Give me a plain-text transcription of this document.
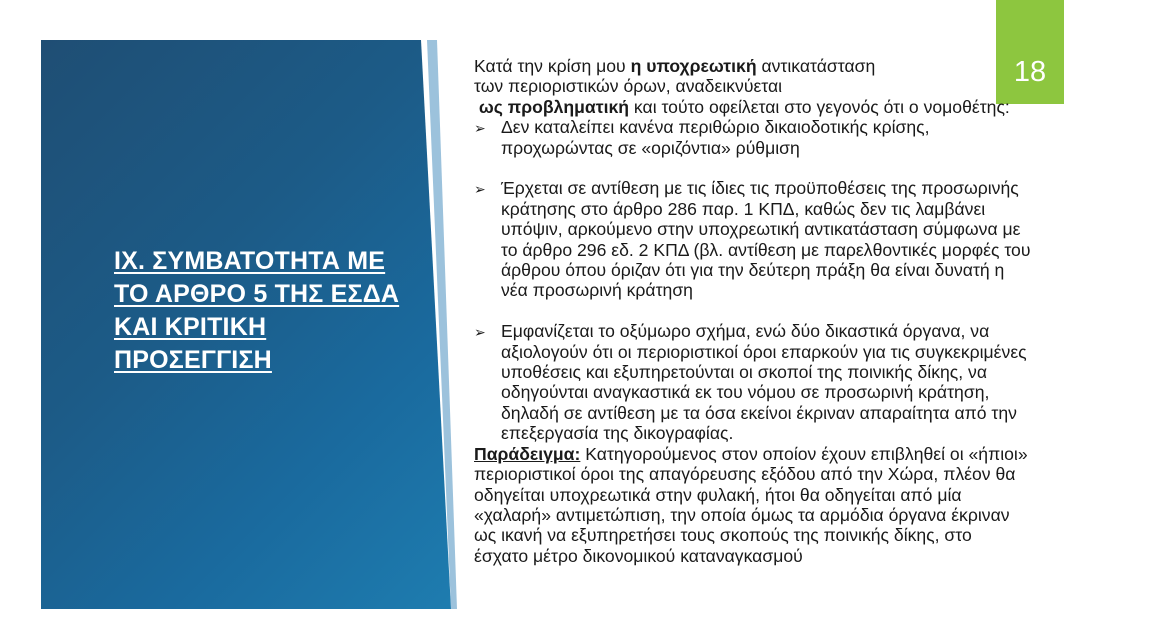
IX. ΣΥΜΒΑΤΟΤΗΤΑ ΜΕ ΤΟ ΑΡΘΡΟ 5 ΤΗΣ ΕΣΔΑ ΚΑΙ ΚΡΙΤΙΚΗ ΠΡΟΣΕΓΓΙΣΗ
18

Κατά την κρίση μου η υποχρεωτική αντικατάσταση

των περιοριστικών όρων, αναδεικνύεται

ως προβληματική και τούτο οφείλεται στο γεγονός ότι ο νομοθέτης:

➢ Δεν καταλείπει κανένα περιθώριο δικαιοδοτικής κρίσης,

προχωρώντας σε «οριζόντια» ρύθμιση

➢ Έρχεται σε αντίθεση με τις ίδιες τις προϋποθέσεις της προσωρινής

κράτησης στο άρθρο 286 παρ. 1 ΚΠΔ, καθώς δεν τις λαμβάνει

υπόψιν, αρκούμενο στην υποχρεωτική αντικατάσταση σύμφωνα με

το άρθρο 296 εδ. 2 ΚΠΔ (βλ. αντίθεση με παρελθοντικές μορφές του

άρθρου όπου όριζαν ότι για την δεύτερη πράξη θα είναι δυνατή η

νέα προσωρινή κράτηση

➢ Εμφανίζεται το οξύμωρο σχήμα, ενώ δύο δικαστικά όργανα, να

αξιολογούν ότι οι περιοριστικοί όροι επαρκούν για τις συγκεκριμένες

υποθέσεις και εξυπηρετούνται οι σκοποί της ποινικής δίκης, να

οδηγούνται αναγκαστικά εκ του νόμου σε προσωρινή κράτηση,

δηλαδή σε αντίθεση με τα όσα εκείνοι έκριναν απαραίτητα από την

επεξεργασία της δικογραφίας.

Παράδειγμα: Κατηγορούμενος στον οποίον έχουν επιβληθεί οι «ήπιοι»

περιοριστικοί όροι της απαγόρευσης εξόδου από την Χώρα, πλέον θα

οδηγείται υποχρεωτικά στην φυλακή, ήτοι θα οδηγείται από μία

«χαλαρή» αντιμετώπιση, την οποία όμως τα αρμόδια όργανα έκριναν

ως ικανή να εξυπηρετήσει τους σκοπούς της ποινικής δίκης, στο

έσχατο μέτρο δικονομικού καταναγκασμού
